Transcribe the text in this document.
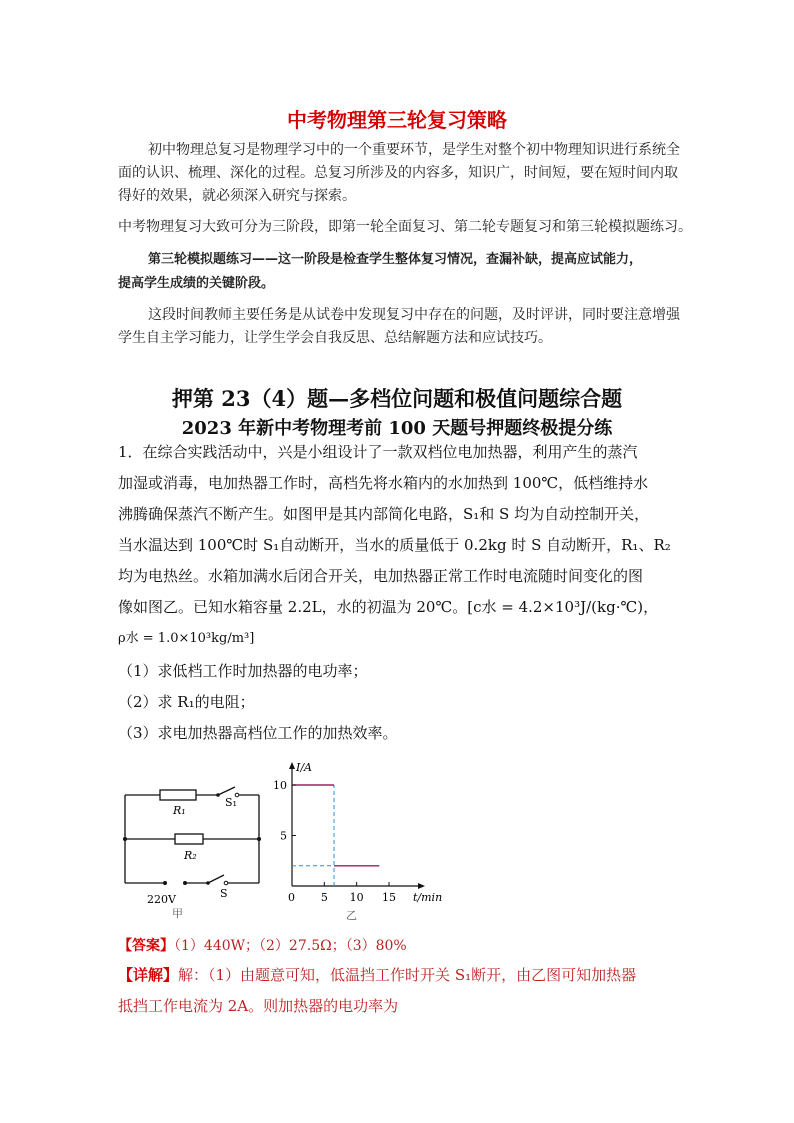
中考物理第三轮复习策略
初中物理总复习是物理学习中的一个重要环节，是学生对整个初中物理知识进行系统全
面的认识、梳理、深化的过程。总复习所涉及的内容多，知识广，时间短，要在短时间内取
得好的效果，就必须深入研究与探索。
中考物理复习大致可分为三阶段，即第一轮全面复习、第二轮专题复习和第三轮模拟题练习。
第三轮模拟题练习——这一阶段是检查学生整体复习情况，查漏补缺，提高应试能力，
提高学生成绩的关键阶段。
这段时间教师主要任务是从试卷中发现复习中存在的问题，及时评讲，同时要注意增强
学生自主学习能力，让学生学会自我反思、总结解题方法和应试技巧。
押第 23（4）题—多档位问题和极值问题综合题
2023 年新中考物理考前 100 天题号押题终极提分练
1．在综合实践活动中，兴是小组设计了一款双档位电加热器，利用产生的蒸汽
加湿或消毒，电加热器工作时，高档先将水箱内的水加热到 100℃，低档维持水
沸腾确保蒸汽不断产生。如图甲是其内部简化电路，S₁和 S 均为自动控制开关，
当水温达到 100℃时 S₁自动断开，当水的质量低于 0.2kg 时 S 自动断开，R₁、R₂
均为电热丝。水箱加满水后闭合开关，电加热器正常工作时电流随时间变化的图
像如图乙。已知水箱容量 2.2L，水的初温为 20℃。[c水 = 4.2×10³J/(kg·℃)，
ρ水 = 1.0×10³kg/m³]
（1）求低档工作时加热器的电功率；
（2）求 R₁的电阻；
（3）求电加热器高档位工作的加热效率。
R₁
S₁
R₂
220V	S
甲
5 10 15
5
10
I/A
t/min
0
乙
【答案】（1）440W；（2）27.5Ω；（3）80%
【详解】解：（1）由题意可知，低温挡工作时开关 S₁断开，由乙图可知加热器
抵挡工作电流为 2A。则加热器的电功率为
